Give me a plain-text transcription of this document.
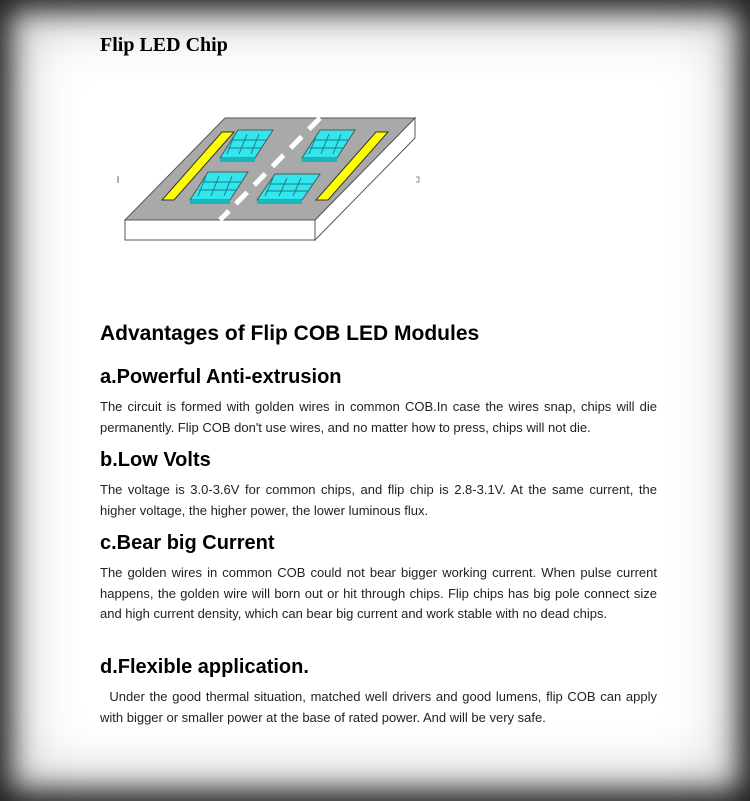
Flip LED Chip
Advantages of Flip COB LED Modules
a.Powerful Anti-extrusion

The circuit is formed with golden wires in common COB.In case the wires snap, chips will die permanently. Flip COB don't use wires, and no matter how to press, chips will not die.

b.Low Volts

The voltage is 3.0-3.6V for common chips, and flip chip is 2.8-3.1V. At the same current, the higher voltage, the higher power, the lower luminous flux.

c.Bear big Current

The golden wires in common COB could not bear bigger working current. When pulse current happens, the golden wire will born out or hit through chips. Flip chips has big pole connect size and high current density, which can bear big current and work stable with no dead chips.

d.Flexible application.

Under the good thermal situation, matched well drivers and good lumens, flip COB can apply with bigger or smaller power at the base of rated power. And will be very safe.
